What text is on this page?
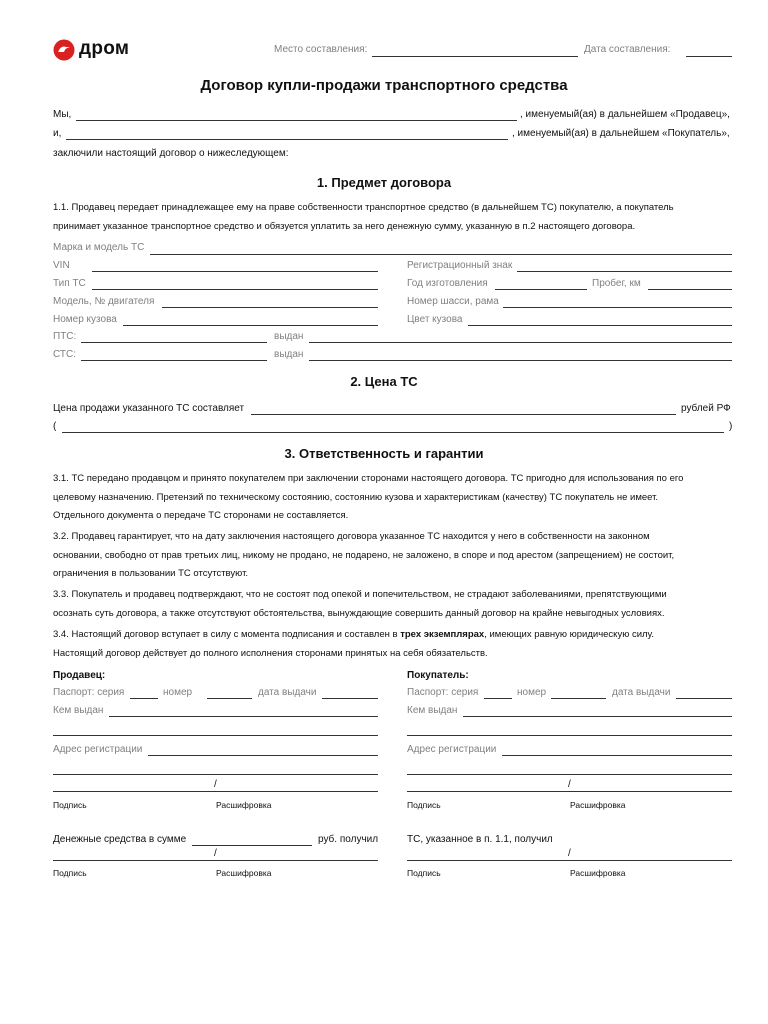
дром	Место составления:	Дата составления:
Договор купли-продажи транспортного средства
Мы,	, именуемый(ая) в дальнейшем «Продавец»,
и,	, именуемый(ая) в дальнейшем «Покупатель»,
заключили настоящий договор о нижеследующем:
1. Предмет договора
1.1. Продавец передает принадлежащее ему на праве собственности транспортное средство (в дальнейшем ТС) покупателю, а покупатель
принимает указанное транспортное средство и обязуется уплатить за него денежную сумму, указанную в п.2 настоящего договора.
Марка и модель ТС
VIN	Регистрационный знак
Тип ТС	Год изготовления	Пробег, км
Модель, № двигателя	Номер шасси, рама
Номер кузова	Цвет кузова
ПТС:	выдан
СТС:	выдан
2. Цена ТС
Цена продажи указанного ТС составляет	рублей РФ
(	)
3. Ответственность и гарантии
3.1. ТС передано продавцом и принято покупателем при заключении сторонами настоящего договора. ТС пригодно для использования по его
целевому назначению. Претензий по техническому состоянию, состоянию кузова и характеристикам (качеству) ТС покупатель не имеет.
Отдельного документа о передаче ТС сторонами не составляется.
3.2. Продавец гарантирует, что на дату заключения настоящего договора указанное ТС находится у него в собственности на законном
основании, свободно от прав третьих лиц, никому не продано, не подарено, не заложено, в споре и под арестом (запрещением) не состоит,
ограничения в пользовании ТС отсутствуют.
3.3. Покупатель и продавец подтверждают, что не состоят под опекой и попечительством, не страдают заболеваниями, препятствующими
осознать суть договора, а также отсутствуют обстоятельства, вынуждающие совершить данный договор на крайне невыгодных условиях.
3.4. Настоящий договор вступает в силу с момента подписания и составлен в трех экземплярах, имеющих равную юридическую силу.
Настоящий договор действует до полного исполнения сторонами принятых на себя обязательств.
Продавец:
Паспорт: серия	номер	дата выдачи
Кем выдан
Адрес регистрации
/
Подпись	Расшифровка
Денежные средства в сумме	руб. получил
/
Подпись	Расшифровка
Покупатель:
Паспорт: серия	номер	дата выдачи
Кем выдан
Адрес регистрации
/
Подпись	Расшифровка
ТС, указанное в п. 1.1, получил
/
Подпись	Расшифровка
